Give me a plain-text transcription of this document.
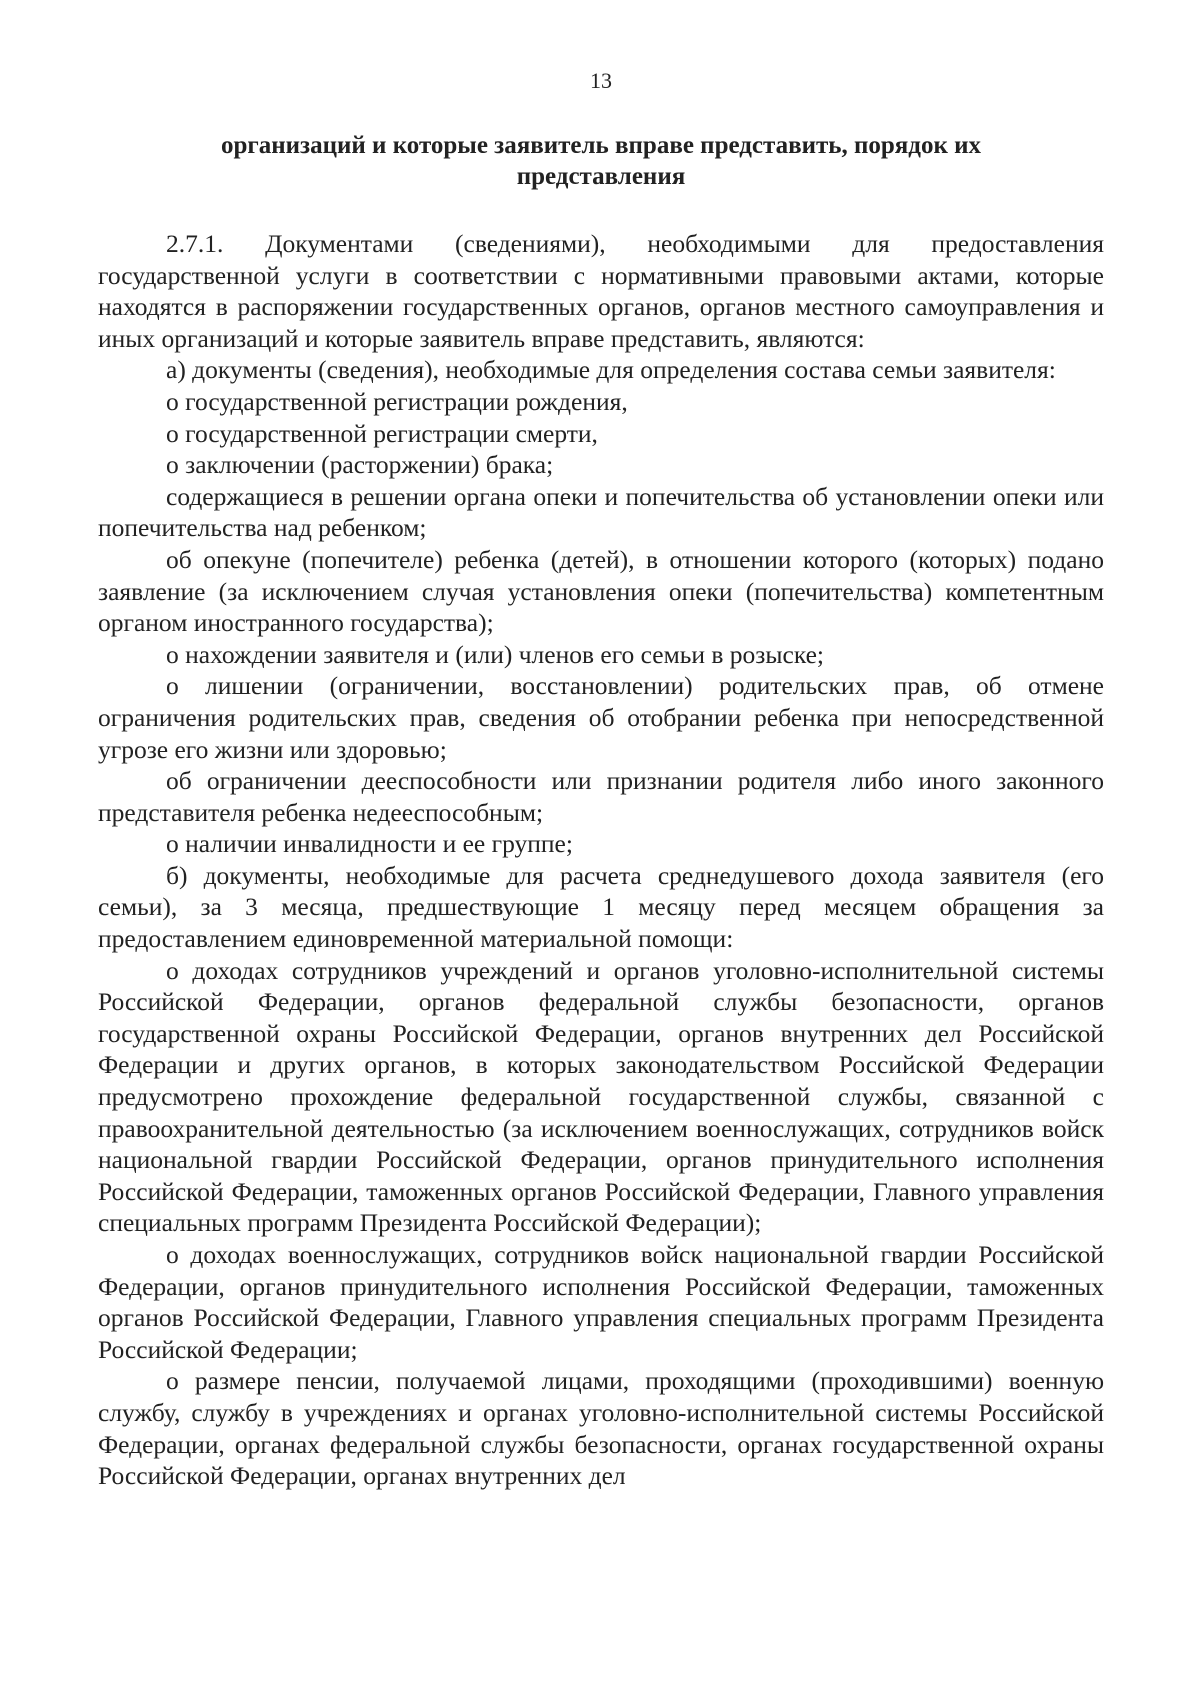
13
организаций и которые заявитель вправе представить, порядок их представления

2.7.1. Документами (сведениями), необходимыми для предоставления государственной услуги в соответствии с нормативными правовыми актами, которые находятся в распоряжении государственных органов, органов местного самоуправления и иных организаций и которые заявитель вправе представить, являются:

а) документы (сведения), необходимые для определения состава семьи заявителя:

о государственной регистрации рождения,

о государственной регистрации смерти,

о заключении (расторжении) брака;

содержащиеся в решении органа опеки и попечительства об установлении опеки или попечительства над ребенком;

об опекуне (попечителе) ребенка (детей), в отношении которого (которых) подано заявление (за исключением случая установления опеки (попечительства) компетентным органом иностранного государства);

о нахождении заявителя и (или) членов его семьи в розыске;

о лишении (ограничении, восстановлении) родительских прав, об отмене ограничения родительских прав, сведения об отобрании ребенка при непосредственной угрозе его жизни или здоровью;

об ограничении дееспособности или признании родителя либо иного законного представителя ребенка недееспособным;

о наличии инвалидности и ее группе;

б) документы, необходимые для расчета среднедушевого дохода заявителя (его семьи), за 3 месяца, предшествующие 1 месяцу перед месяцем обращения за предоставлением единовременной материальной помощи:

о доходах сотрудников учреждений и органов уголовно-исполнительной системы Российской Федерации, органов федеральной службы безопасности, органов государственной охраны Российской Федерации, органов внутренних дел Российской Федерации и других органов, в которых законодательством Российской Федерации предусмотрено прохождение федеральной государственной службы, связанной с правоохранительной деятельностью (за исключением военнослужащих, сотрудников войск национальной гвардии Российской Федерации, органов принудительного исполнения Российской Федерации, таможенных органов Российской Федерации, Главного управления специальных программ Президента Российской Федерации);

о доходах военнослужащих, сотрудников войск национальной гвардии Российской Федерации, органов принудительного исполнения Российской Федерации, таможенных органов Российской Федерации, Главного управления специальных программ Президента Российской Федерации;

о размере пенсии, получаемой лицами, проходящими (проходившими) военную службу, службу в учреждениях и органах уголовно-исполнительной системы Российской Федерации, органах федеральной службы безопасности, органах государственной охраны Российской Федерации, органах внутренних дел
